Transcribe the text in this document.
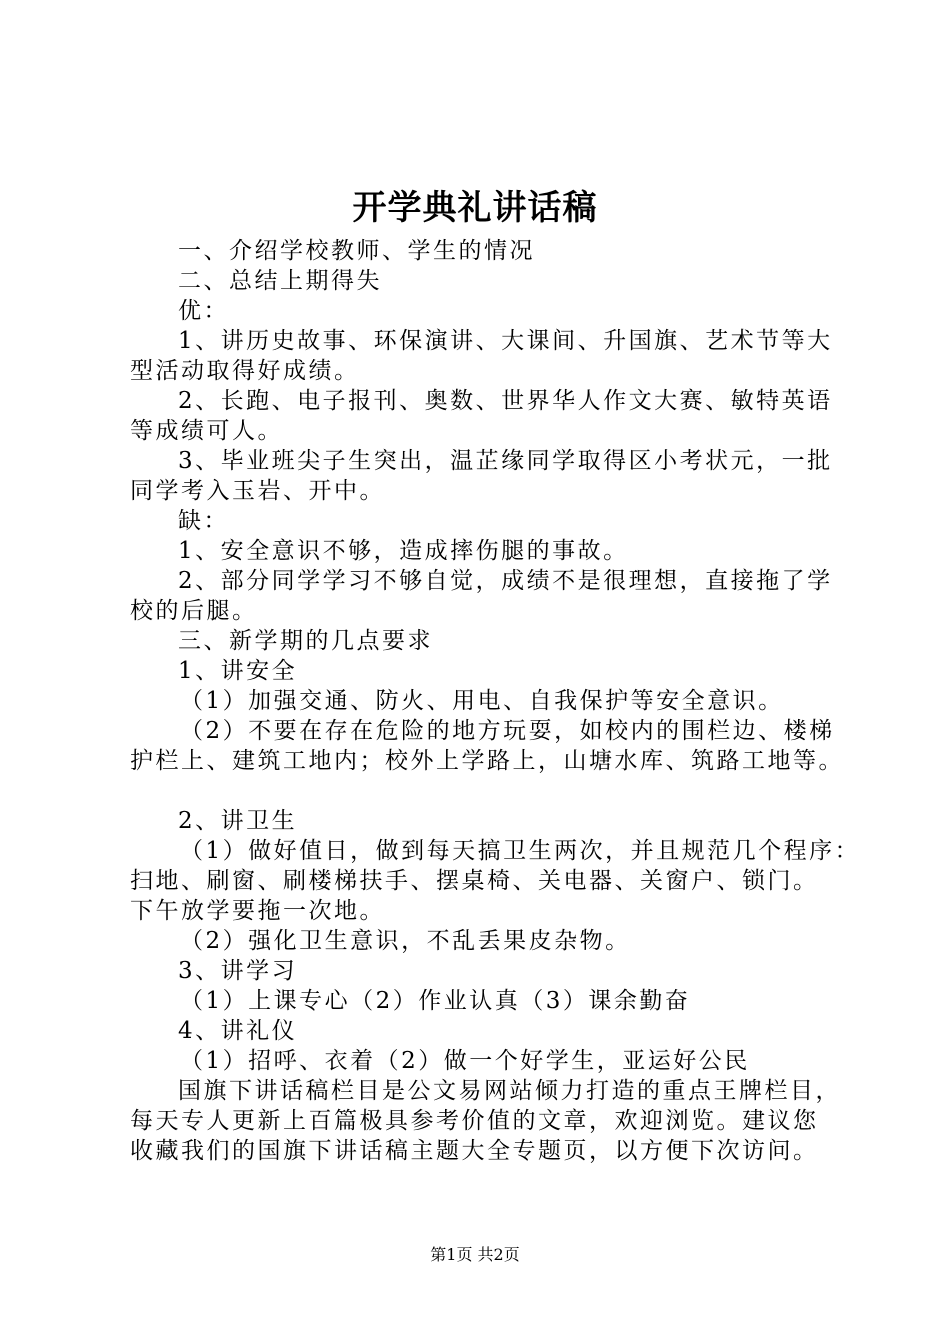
开学典礼讲话稿
一、介绍学校教师、学生的情况
二、总结上期得失
优：
1、讲历史故事、环保演讲、大课间、升国旗、艺术节等大
型活动取得好成绩。
2、长跑、电子报刊、奥数、世界华人作文大赛、敏特英语
等成绩可人。
3、毕业班尖子生突出，温芷缘同学取得区小考状元，一批
同学考入玉岩、开中。
缺：
1、安全意识不够，造成摔伤腿的事故。
2、部分同学学习不够自觉，成绩不是很理想，直接拖了学
校的后腿。
三、新学期的几点要求
1、讲安全
（1）加强交通、防火、用电、自我保护等安全意识。
（2）不要在存在危险的地方玩耍，如校内的围栏边、楼梯
护栏上、建筑工地内；校外上学路上，山塘水库、筑路工地等。
2、讲卫生
（1）做好值日，做到每天搞卫生两次，并且规范几个程序：
扫地、刷窗、刷楼梯扶手、摆桌椅、关电器、关窗户、锁门。
下午放学要拖一次地。
（2）强化卫生意识，不乱丢果皮杂物。
3、讲学习
（1）上课专心（2）作业认真（3）课余勤奋
4、讲礼仪
（1）招呼、衣着（2）做一个好学生，亚运好公民
国旗下讲话稿栏目是公文易网站倾力打造的重点王牌栏目，
每天专人更新上百篇极具参考价值的文章，欢迎浏览。建议您
收藏我们的国旗下讲话稿主题大全专题页，以方便下次访问。
第1页 共2页
